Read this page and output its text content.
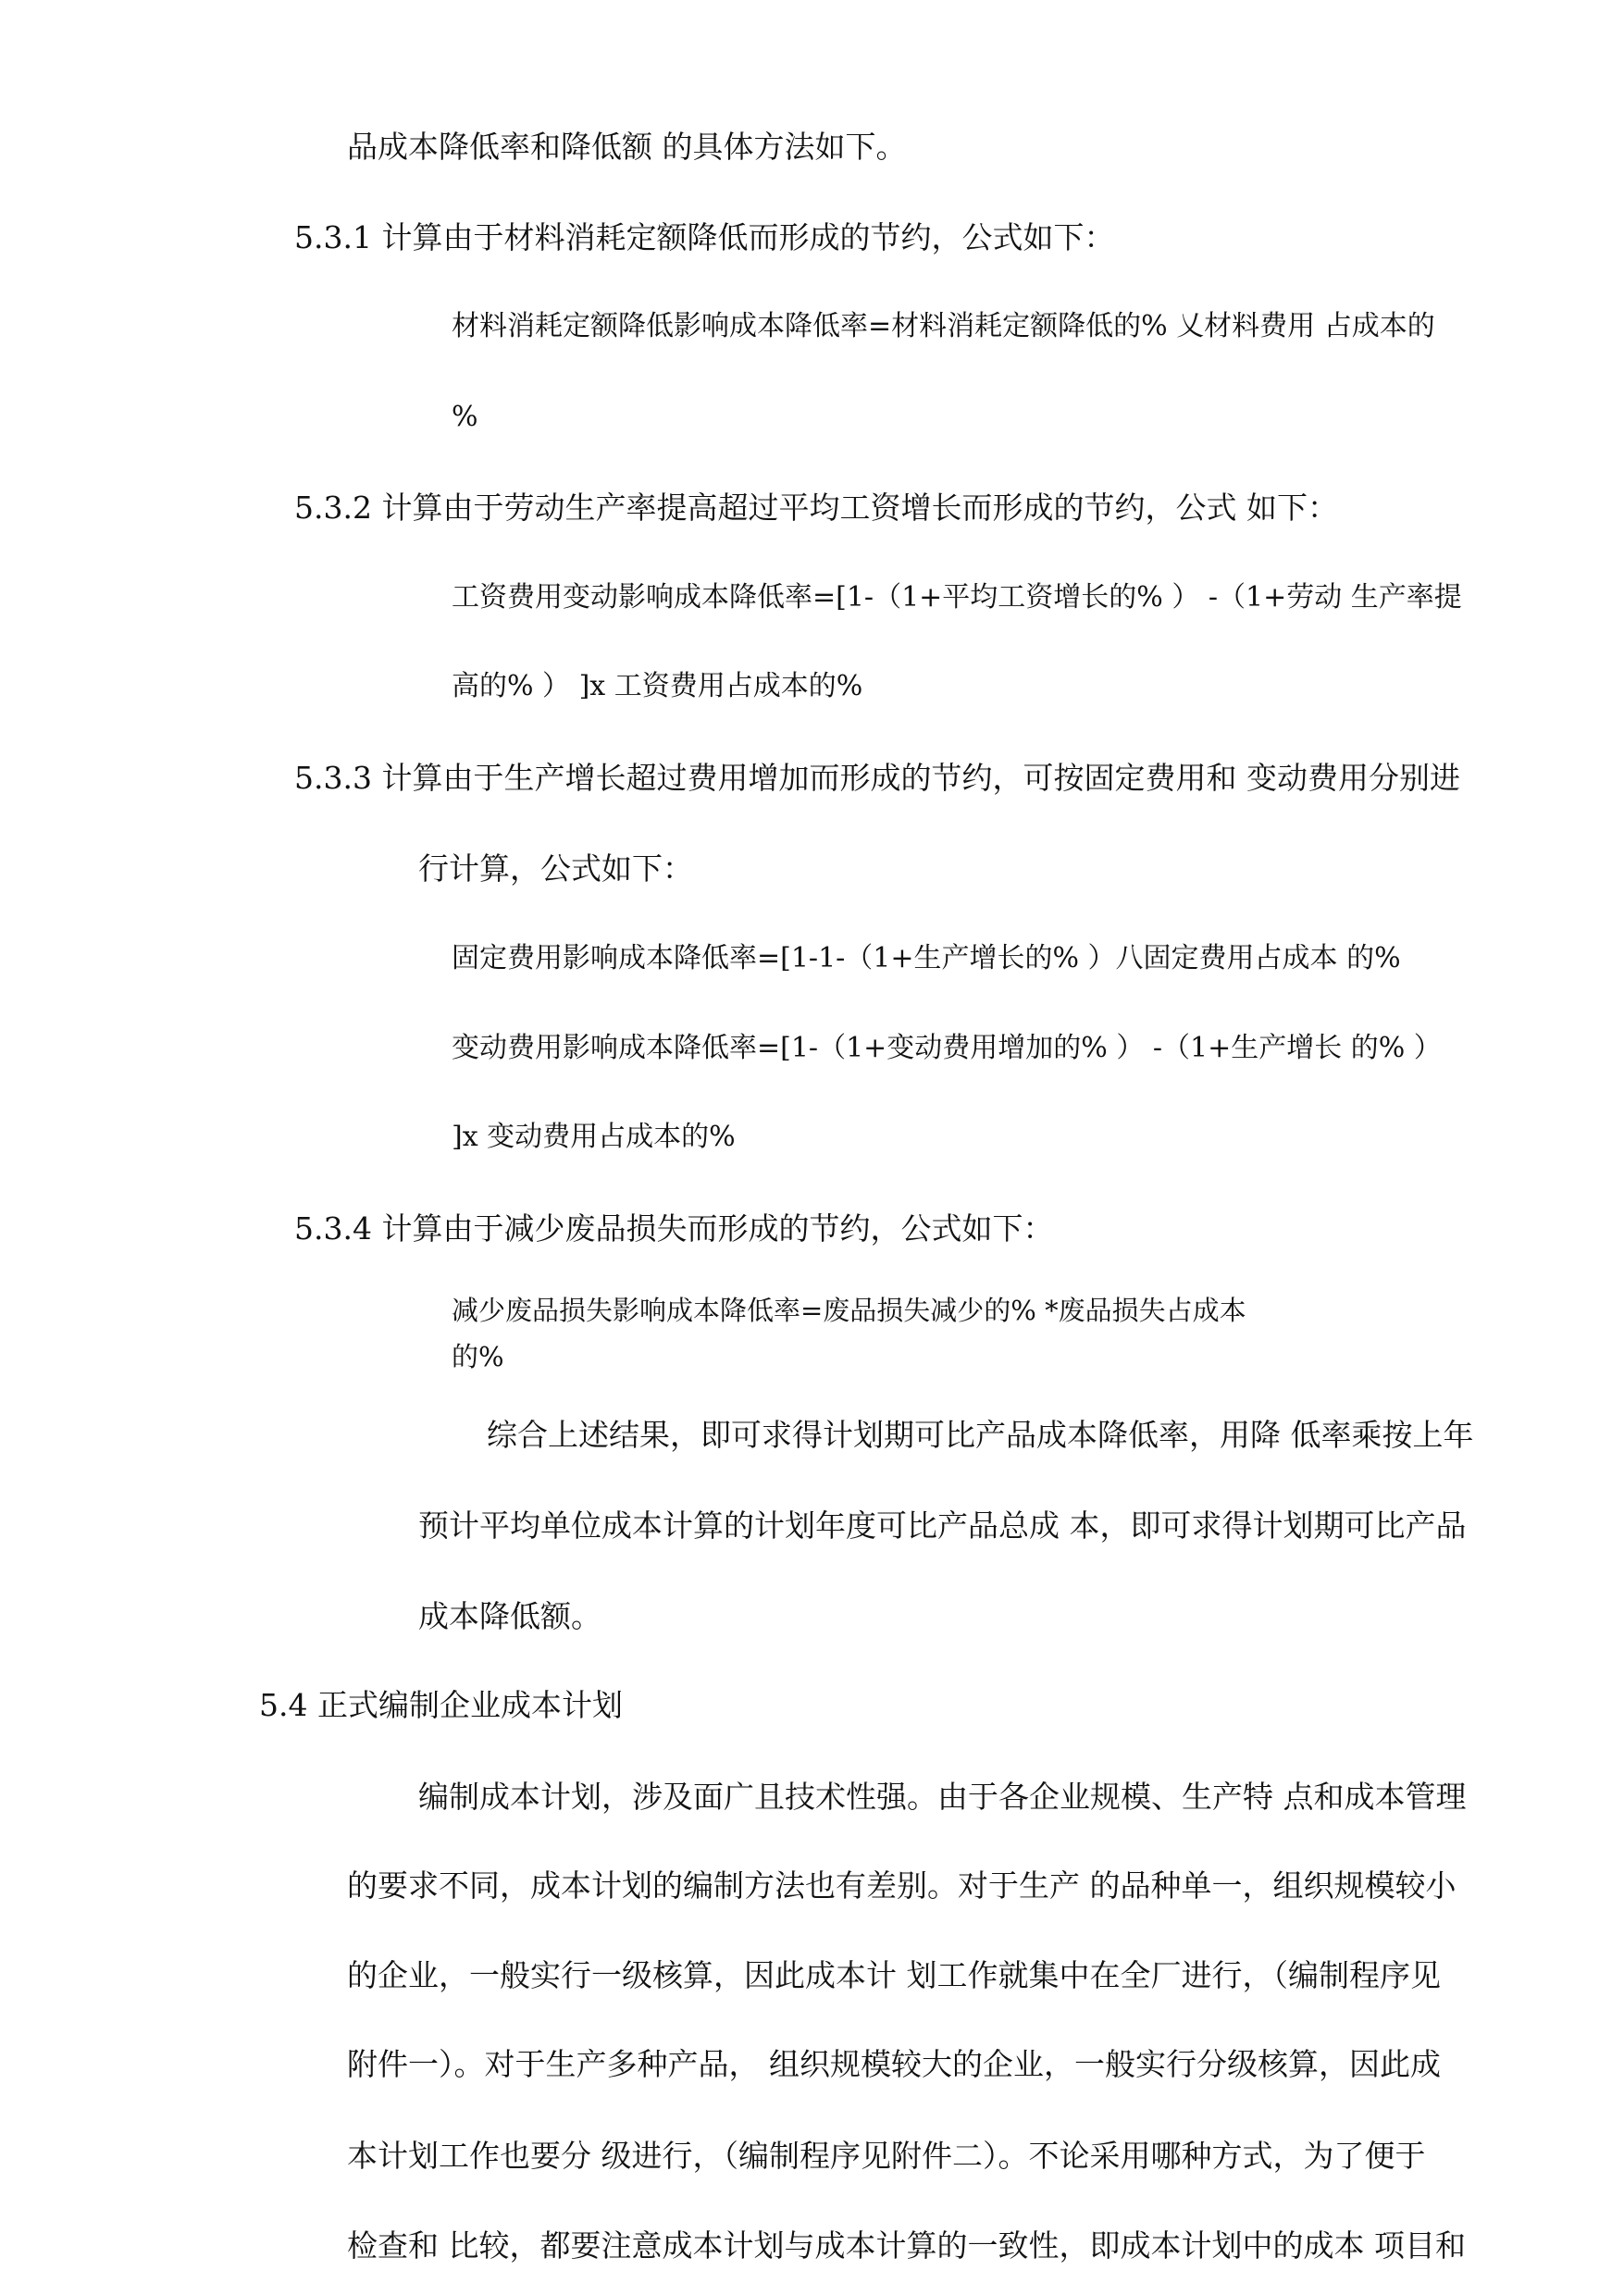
品成本降低率和降低额 的具体方法如下。
5.3.1 计算由于材料消耗定额降低而形成的节约，公式如下：
材料消耗定额降低影响成本降低率=材料消耗定额降低的% 乂材料费用 占成本的
%
5.3.2 计算由于劳动生产率提高超过平均工资增长而形成的节约，公式 如下：
工资费用变动影响成本降低率=[1-（1+平均工资增长的% ） -（1+劳动 生产率提
高的% ） ]x 工资费用占成本的%
5.3.3 计算由于生产增长超过费用增加而形成的节约，可按固定费用和 变动费用分别进
行计算，公式如下：
固定费用影响成本降低率=[1-1-（1+生产增长的% ）八固定费用占成本 的%
变动费用影响成本降低率=[1-（1+变动费用增加的% ） -（1+生产增长 的% ）
]x 变动费用占成本的%
5.3.4 计算由于减少废品损失而形成的节约，公式如下：
减少废品损失影响成本降低率=废品损失减少的% *废品损失占成本
的%
综合上述结果，即可求得计划期可比产品成本降低率，用降 低率乘按上年
预计平均单位成本计算的计划年度可比产品总成 本，即可求得计划期可比产品
成本降低额。
5.4 正式编制企业成本计划
编制成本计划，涉及面广且技术性强。由于各企业规模、生产特 点和成本管理
的要求不同，成本计划的编制方法也有差别。对于生产 的品种单一，组织规模较小
的企业，一般实行一级核算，因此成本计 划工作就集中在全厂进行，（编制程序见
附件一）。对于生产多种产品， 组织规模较大的企业，一般实行分级核算，因此成
本计划工作也要分 级进行，（编制程序见附件二）。不论采用哪种方式，为了便于
检查和 比较，都要注意成本计划与成本计算的一致性，即成本计划中的成本 项目和
